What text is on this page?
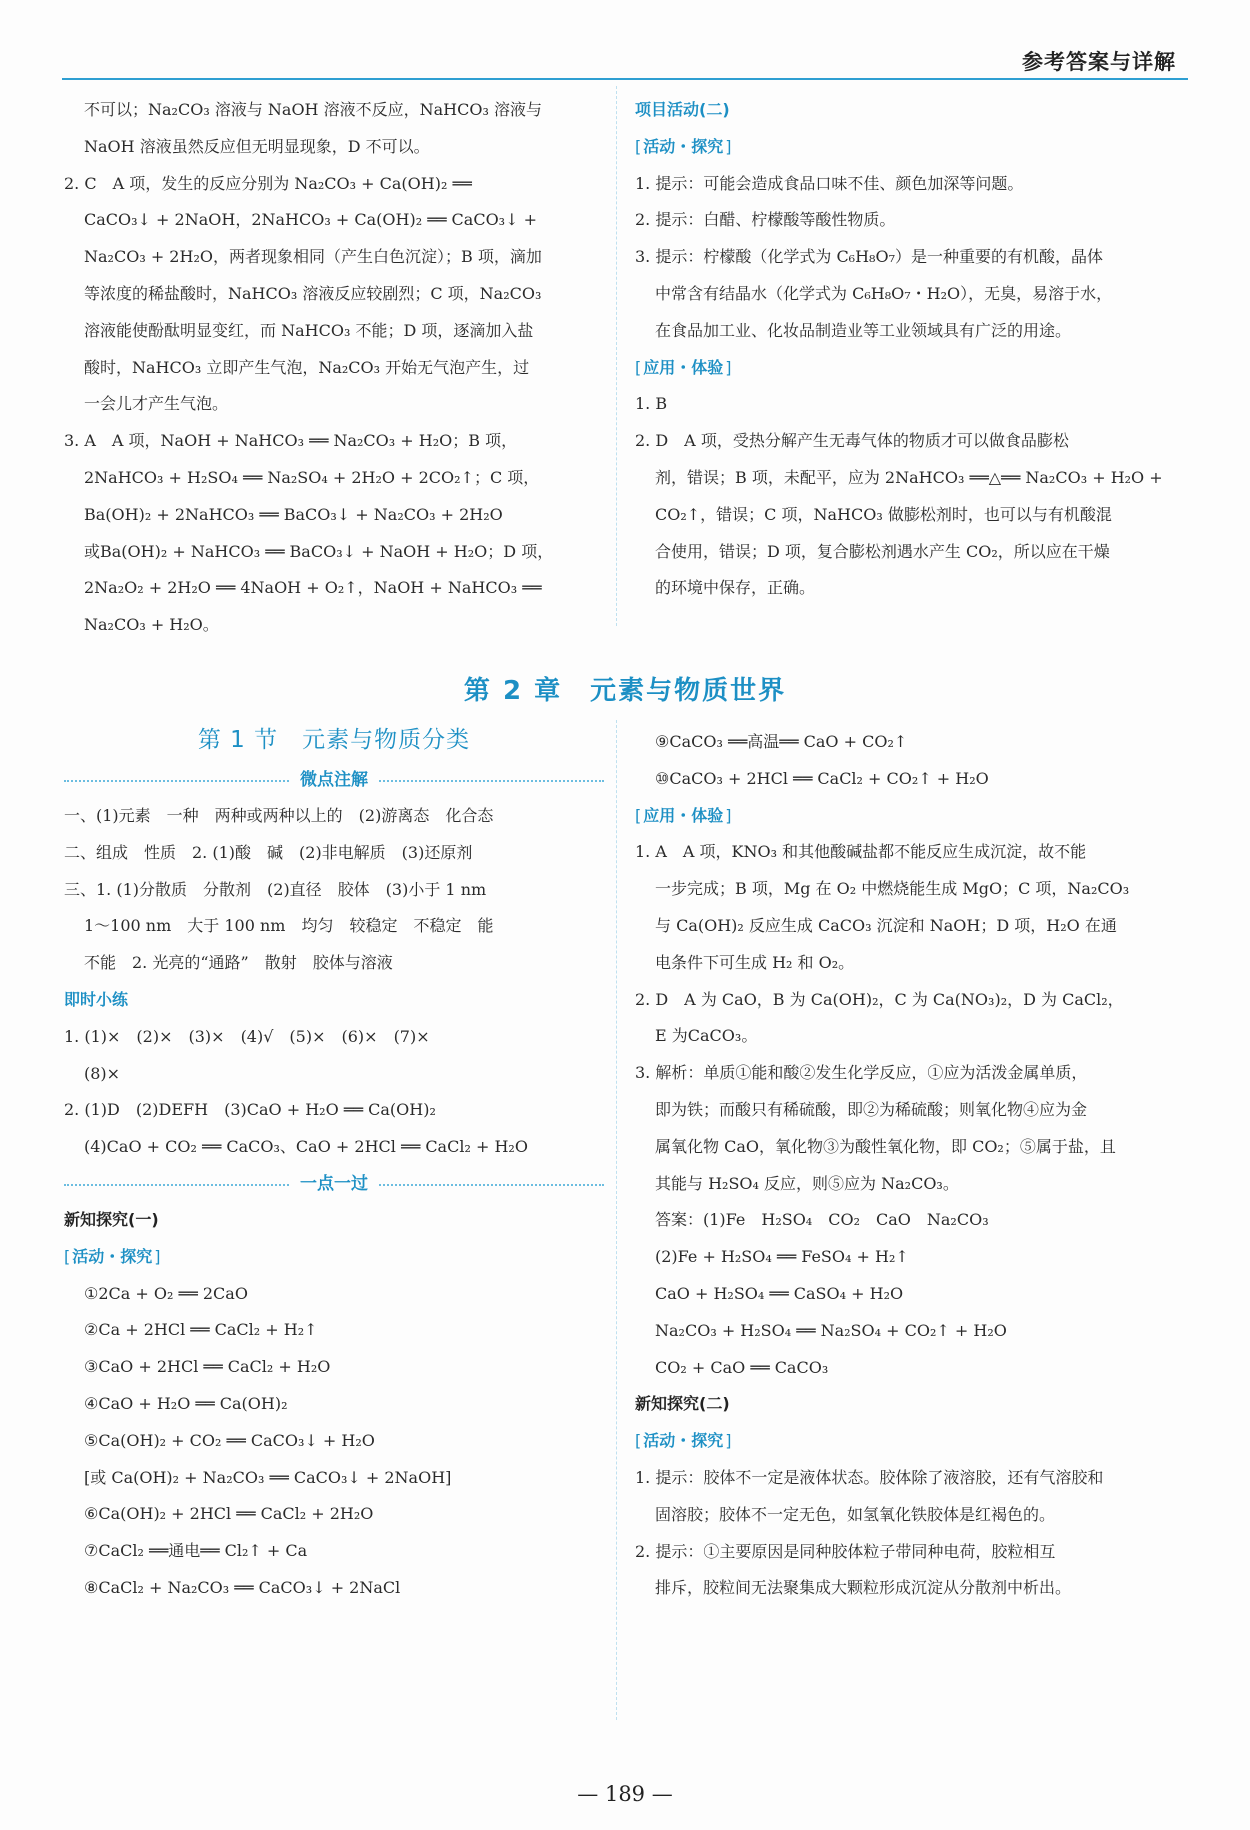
参考答案与详解
不可以；Na₂CO₃ 溶液与 NaOH 溶液不反应，NaHCO₃ 溶液与
NaOH 溶液虽然反应但无明显现象，D 不可以。
2. C　A 项，发生的反应分别为 Na₂CO₃ + Ca(OH)₂ ══
CaCO₃↓ + 2NaOH，2NaHCO₃ + Ca(OH)₂ ══ CaCO₃↓ +
Na₂CO₃ + 2H₂O，两者现象相同（产生白色沉淀）；B 项，滴加
等浓度的稀盐酸时，NaHCO₃ 溶液反应较剧烈；C 项，Na₂CO₃
溶液能使酚酞明显变红，而 NaHCO₃ 不能；D 项，逐滴加入盐
酸时，NaHCO₃ 立即产生气泡，Na₂CO₃ 开始无气泡产生，过
一会儿才产生气泡。
3. A　A 项，NaOH + NaHCO₃ ══ Na₂CO₃ + H₂O；B 项，
2NaHCO₃ + H₂SO₄ ══ Na₂SO₄ + 2H₂O + 2CO₂↑；C 项，
Ba(OH)₂ + 2NaHCO₃ ══ BaCO₃↓ + Na₂CO₃ + 2H₂O
或Ba(OH)₂ + NaHCO₃ ══ BaCO₃↓ + NaOH + H₂O；D 项，
2Na₂O₂ + 2H₂O ══ 4NaOH + O₂↑，NaOH + NaHCO₃ ══
Na₂CO₃ + H₂O。
项目活动(二)
[ 活动・探究 ]
1. 提示：可能会造成食品口味不佳、颜色加深等问题。
2. 提示：白醋、柠檬酸等酸性物质。
3. 提示：柠檬酸（化学式为 C₆H₈O₇）是一种重要的有机酸，晶体
中常含有结晶水（化学式为 C₆H₈O₇・H₂O），无臭，易溶于水，
在食品加工业、化妆品制造业等工业领域具有广泛的用途。
[ 应用・体验 ]
1. B
2. D　A 项，受热分解产生无毒气体的物质才可以做食品膨松
剂，错误；B 项，未配平，应为 2NaHCO₃ ══△══ Na₂CO₃ + H₂O +
CO₂↑，错误；C 项，NaHCO₃ 做膨松剂时，也可以与有机酸混
合使用，错误；D 项，复合膨松剂遇水产生 CO₂，所以应在干燥
的环境中保存，正确。
第 2 章　元素与物质世界
第 1 节　元素与物质分类
微点注解
一、(1)元素　一种　两种或两种以上的　(2)游离态　化合态
二、组成　性质　2. (1)酸　碱　(2)非电解质　(3)还原剂
三、1. (1)分散质　分散剂　(2)直径　胶体　(3)小于 1 nm
1～100 nm　大于 100 nm　均匀　较稳定　不稳定　能
不能　2. 光亮的“通路”　散射　胶体与溶液
即时小练
1. (1)×　(2)×　(3)×　(4)√　(5)×　(6)×　(7)×
(8)×
2. (1)D　(2)DEFH　(3)CaO + H₂O ══ Ca(OH)₂
(4)CaO + CO₂ ══ CaCO₃、CaO + 2HCl ══ CaCl₂ + H₂O
一点一过
新知探究(一)
[ 活动・探究 ]
①2Ca + O₂ ══ 2CaO
②Ca + 2HCl ══ CaCl₂ + H₂↑
③CaO + 2HCl ══ CaCl₂ + H₂O
④CaO + H₂O ══ Ca(OH)₂
⑤Ca(OH)₂ + CO₂ ══ CaCO₃↓ + H₂O
[或 Ca(OH)₂ + Na₂CO₃ ══ CaCO₃↓ + 2NaOH]
⑥Ca(OH)₂ + 2HCl ══ CaCl₂ + 2H₂O
⑦CaCl₂ ══通电══ Cl₂↑ + Ca
⑧CaCl₂ + Na₂CO₃ ══ CaCO₃↓ + 2NaCl
⑨CaCO₃ ══高温══ CaO + CO₂↑
⑩CaCO₃ + 2HCl ══ CaCl₂ + CO₂↑ + H₂O
[ 应用・体验 ]
1. A　A 项，KNO₃ 和其他酸碱盐都不能反应生成沉淀，故不能
一步完成；B 项，Mg 在 O₂ 中燃烧能生成 MgO；C 项，Na₂CO₃
与 Ca(OH)₂ 反应生成 CaCO₃ 沉淀和 NaOH；D 项，H₂O 在通
电条件下可生成 H₂ 和 O₂。
2. D　A 为 CaO，B 为 Ca(OH)₂，C 为 Ca(NO₃)₂，D 为 CaCl₂，
E 为CaCO₃。
3. 解析：单质①能和酸②发生化学反应，①应为活泼金属单质，
即为铁；而酸只有稀硫酸，即②为稀硫酸；则氧化物④应为金
属氧化物 CaO，氧化物③为酸性氧化物，即 CO₂；⑤属于盐，且
其能与 H₂SO₄ 反应，则⑤应为 Na₂CO₃。
答案：(1)Fe　H₂SO₄　CO₂　CaO　Na₂CO₃
(2)Fe + H₂SO₄ ══ FeSO₄ + H₂↑
CaO + H₂SO₄ ══ CaSO₄ + H₂O
Na₂CO₃ + H₂SO₄ ══ Na₂SO₄ + CO₂↑ + H₂O
CO₂ + CaO ══ CaCO₃
新知探究(二)
[ 活动・探究 ]
1. 提示：胶体不一定是液体状态。胶体除了液溶胶，还有气溶胶和
固溶胶；胶体不一定无色，如氢氧化铁胶体是红褐色的。
2. 提示：①主要原因是同种胶体粒子带同种电荷，胶粒相互
排斥，胶粒间无法聚集成大颗粒形成沉淀从分散剂中析出。
— 189 —
